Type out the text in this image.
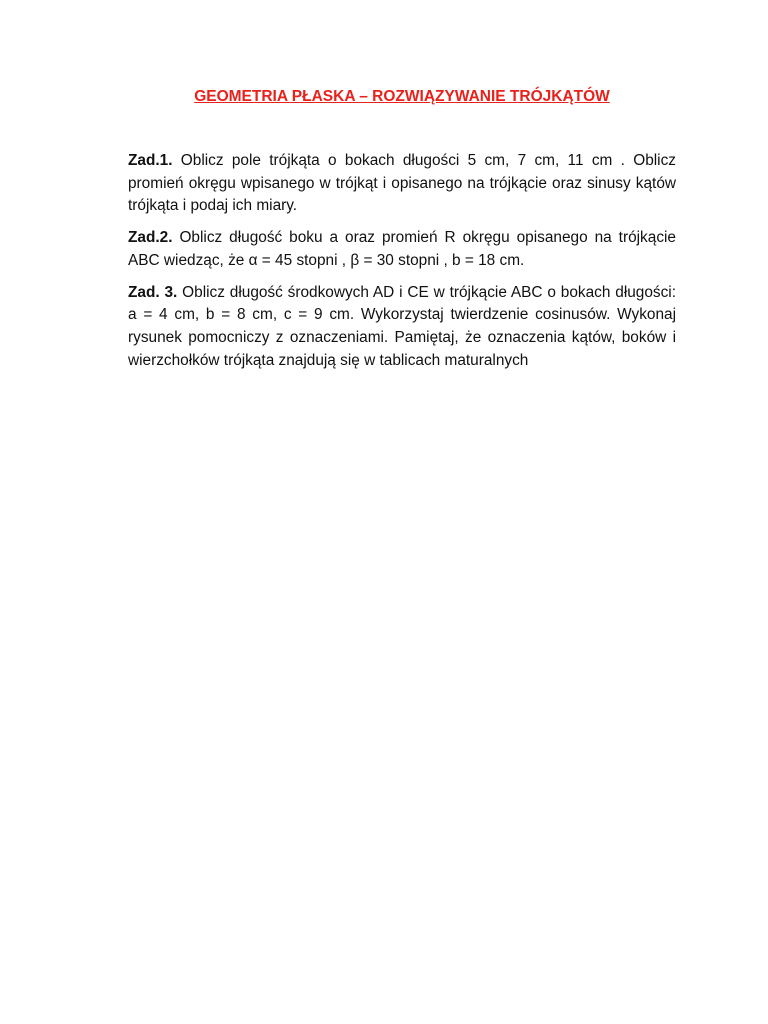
GEOMETRIA PŁASKA – ROZWIĄZYWANIE TRÓJKĄTÓW

Zad.1. Oblicz pole trójkąta o bokach długości 5 cm, 7 cm, 11 cm . Oblicz promień okręgu wpisanego w trójkąt i opisanego na trójkącie oraz sinusy kątów trójkąta i podaj ich miary.

Zad.2. Oblicz długość boku a oraz promień R okręgu opisanego na trójkącie ABC wiedząc, że α = 45 stopni , β = 30 stopni , b = 18 cm.

Zad. 3. Oblicz długość środkowych AD i CE w trójkącie ABC o bokach długości: a = 4 cm, b = 8 cm, c = 9 cm. Wykorzystaj twierdzenie cosinusów. Wykonaj rysunek pomocniczy z oznaczeniami. Pamiętaj, że oznaczenia kątów, boków i wierzchołków trójkąta znajdują się w tablicach maturalnych
